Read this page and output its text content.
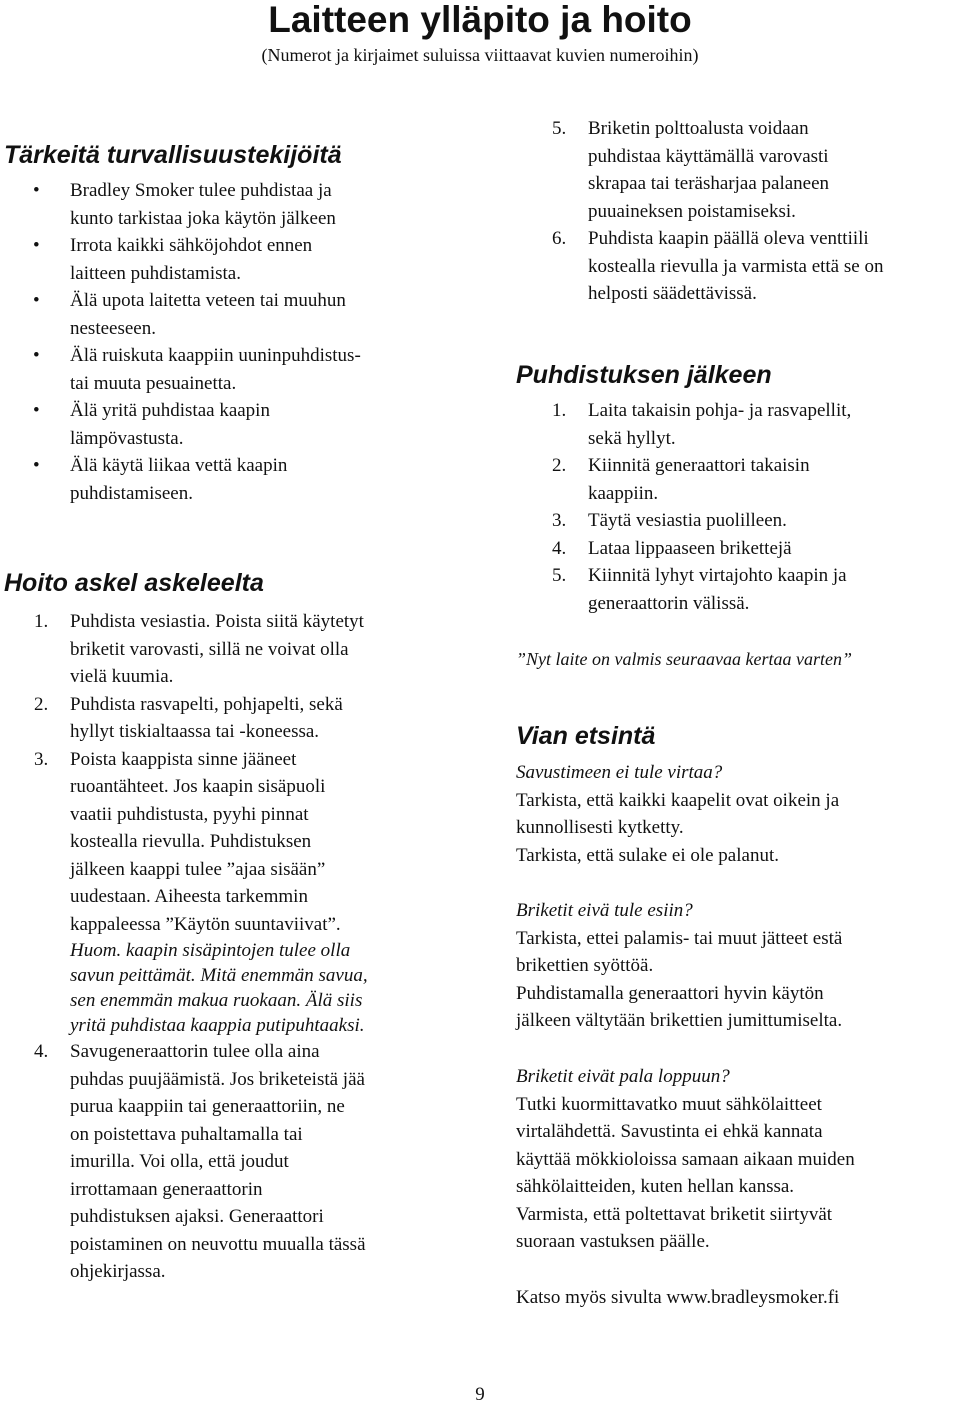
Laitteen ylläpito ja hoito
(Numerot ja kirjaimet suluissa viittaavat kuvien numeroihin)
Tärkeitä turvallisuustekijöitä
• Bradley Smoker tulee puhdistaa ja
kunto tarkistaa joka käytön jälkeen
• Irrota kaikki sähköjohdot ennen
laitteen puhdistamista.
• Älä upota laitetta veteen tai muuhun
nesteeseen.
• Älä ruiskuta kaappiin uuninpuhdistus-
tai muuta pesuainetta.
• Älä yritä puhdistaa kaapin
lämpövastusta.
• Älä käytä liikaa vettä kaapin
puhdistamiseen.
Hoito askel askeleelta
1. Puhdista vesiastia. Poista siitä käytetyt
briketit varovasti, sillä ne voivat olla
vielä kuumia.
2. Puhdista rasvapelti, pohjapelti, sekä
hyllyt tiskialtaassa tai -koneessa.
3. Poista kaappista sinne jääneet
ruoantähteet. Jos kaapin sisäpuoli
vaatii puhdistusta, pyyhi pinnat
kostealla rievulla. Puhdistuksen
jälkeen kaappi tulee ”ajaa sisään”
uudestaan. Aiheesta tarkemmin
kappaleessa ”Käytön suuntaviivat”.
Huom. kaapin sisäpintojen tulee olla
savun peittämät. Mitä enemmän savua,
sen enemmän makua ruokaan. Älä siis
yritä puhdistaa kaappia putipuhtaaksi.
4. Savugeneraattorin tulee olla aina
puhdas puujäämistä. Jos briketeistä jää
purua kaappiin tai generaattoriin, ne
on poistettava puhaltamalla tai
imurilla. Voi olla, että joudut
irrottamaan generaattorin
puhdistuksen ajaksi. Generaattori
poistaminen on neuvottu muualla tässä
ohjekirjassa.
5. Briketin polttoalusta voidaan
puhdistaa käyttämällä varovasti
skrapaa tai teräsharjaa palaneen
puuaineksen poistamiseksi.
6. Puhdista kaapin päällä oleva venttiili
kostealla rievulla ja varmista että se on
helposti säädettävissä.
Puhdistuksen jälkeen
1. Laita takaisin pohja- ja rasvapellit,
sekä hyllyt.
2. Kiinnitä generaattori takaisin
kaappiin.
3. Täytä vesiastia puolilleen.
4. Lataa lippaaseen brikettejä
5. Kiinnitä lyhyt virtajohto kaapin ja
generaattorin välissä.
”Nyt laite on valmis seuraavaa kertaa varten”
Vian etsintä

Savustimeen ei tule virtaa?

Tarkista, että kaikki kaapelit ovat oikein ja
kunnollisesti kytketty.
Tarkista, että sulake ei ole palanut.

Briketit eivä tule esiin?

Tarkista, ettei palamis- tai muut jätteet estä
brikettien syöttöä.
Puhdistamalla generaattori hyvin käytön
jälkeen vältytään brikettien jumittumiselta.

Briketit eivät pala loppuun?

Tutki kuormittavatko muut sähkölaitteet
virtalähdettä. Savustinta ei ehkä kannata
käyttää mökkioloissa samaan aikaan muiden
sähkölaitteiden, kuten hellan kanssa.
Varmista, että poltettavat briketit siirtyvät
suoraan vastuksen päälle.

Katso myös sivulta www.bradleysmoker.fi
9
